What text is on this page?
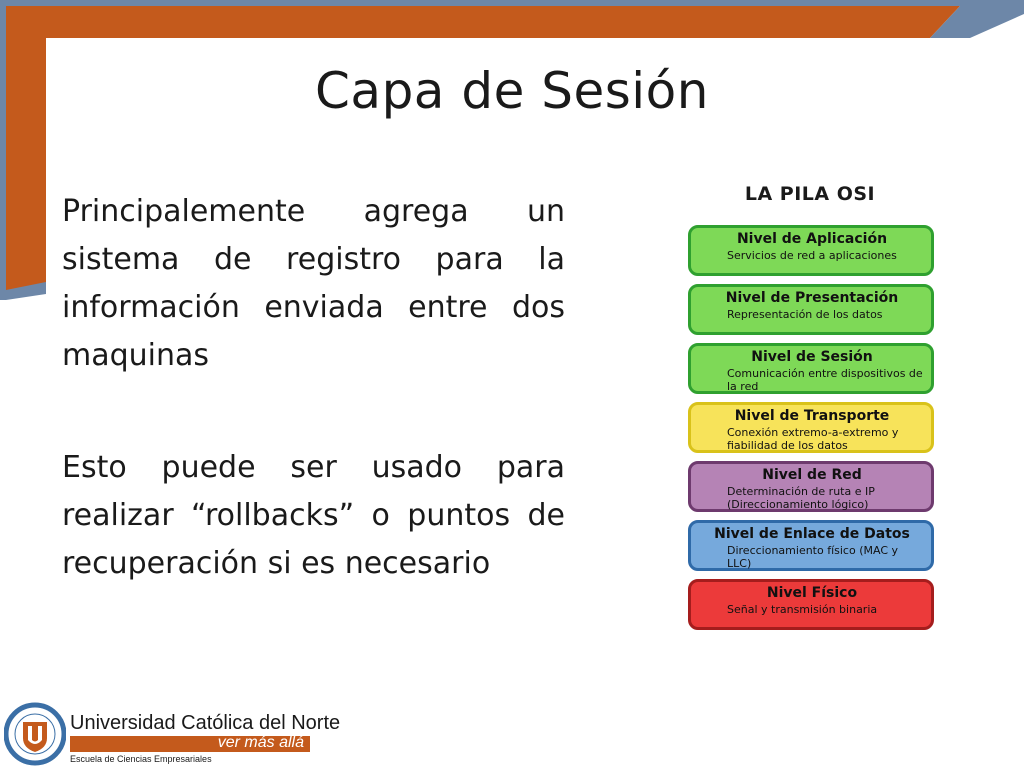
Capa de Sesión

Principalemente agrega un sistema de registro para la información enviada entre dos maquinas

Esto puede ser usado para realizar “rollbacks” o puntos de recuperación si es necesario

LA PILA OSI
Nivel de Aplicación
Servicios de red a aplicaciones
Nivel de Presentación
Representación de los datos
Nivel de Sesión
Comunicación entre dispositivos de la red
Nivel de Transporte
Conexión extremo-a-extremo y fiabilidad de los datos
Nivel de Red
Determinación de ruta e IP (Direccionamiento lógico)
Nivel de Enlace de Datos
Direccionamiento físico (MAC y LLC)
Nivel Físico
Señal y transmisión binaria
Universidad Católica del Norte
ver más allá
Escuela de Ciencias Empresariales
